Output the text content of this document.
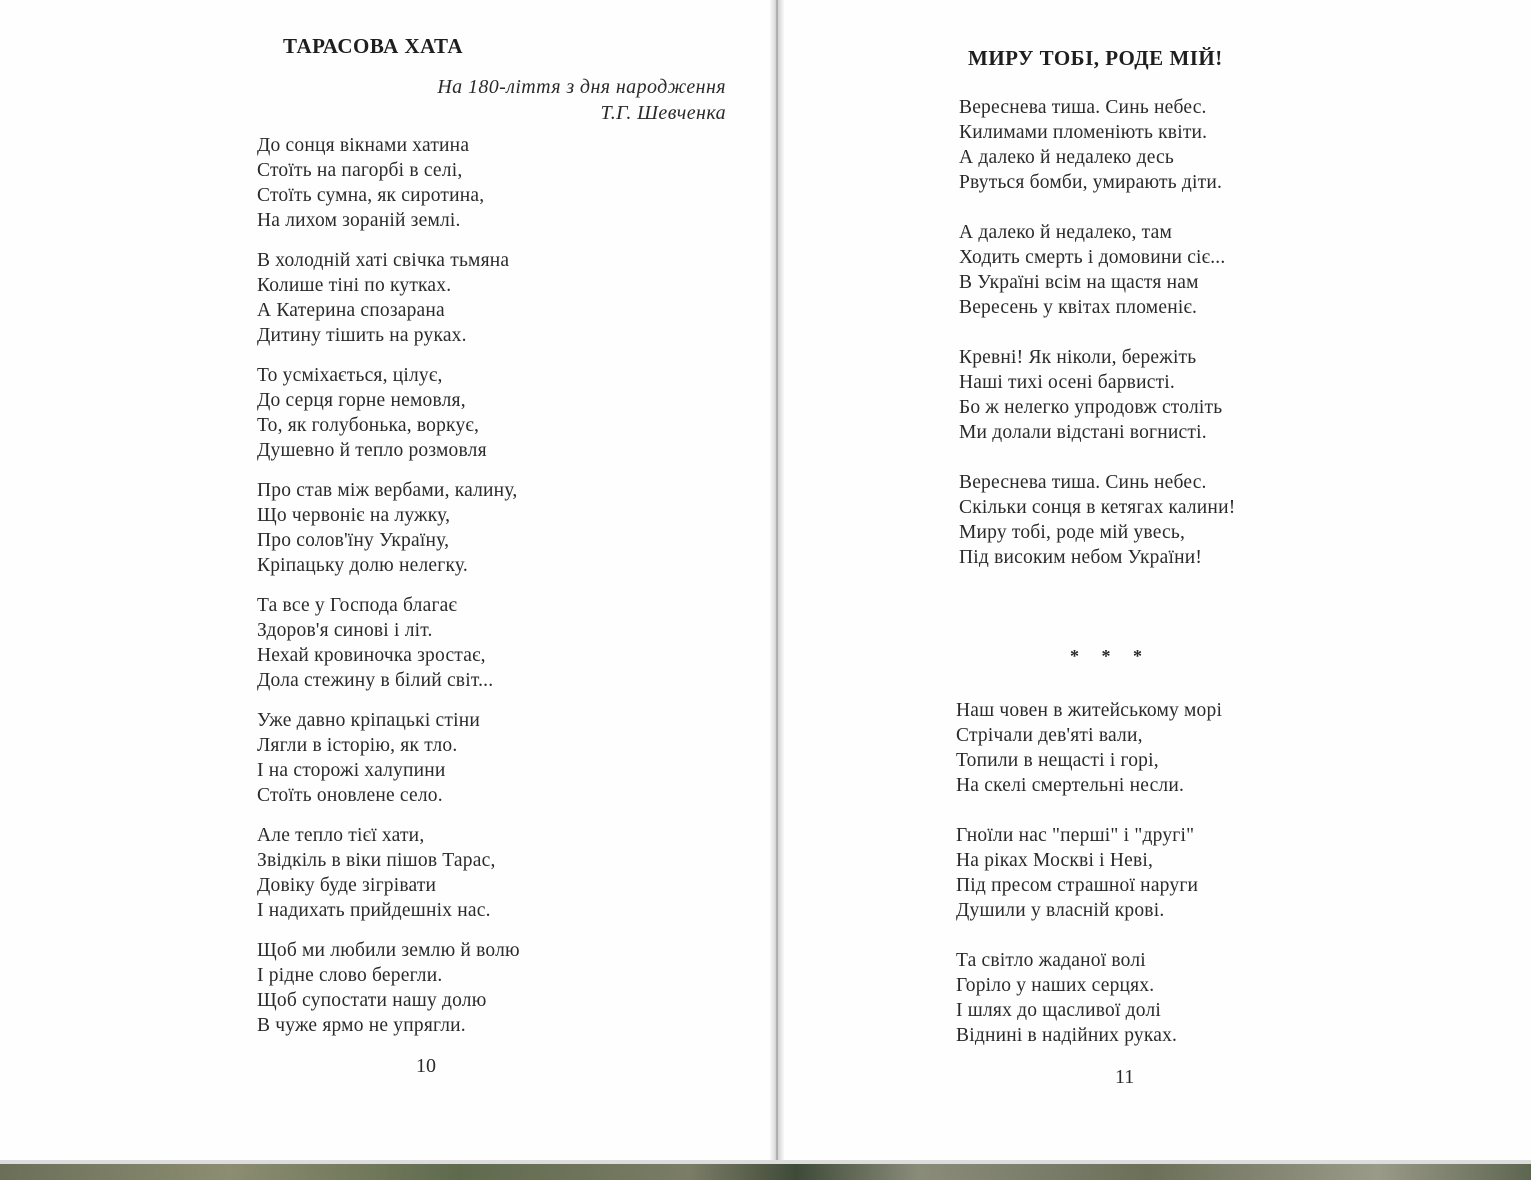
ТАРАСОВА ХАТА
На 180-ліття з дня народження
Т.Г. Шевченка
До сонця вікнами хатина
Стоїть на пагорбі в селі,
Стоїть сумна, як сиротина,
На лихом зораній землі.
В холодній хаті свічка тьмяна
Колише тіні по кутках.
А Катерина спозарана
Дитину тішить на руках.
То усміхається, цілує,
До серця горне немовля,
То, як голубонька, воркує,
Душевно й тепло розмовля
Про став між вербами, калину,
Що червоніє на лужку,
Про солов'їну Україну,
Кріпацьку долю нелегку.
Та все у Господа благає
Здоров'я синові і літ.
Нехай кровиночка зростає,
Дола стежину в білий світ...
Уже давно кріпацькі стіни
Лягли в історію, як тло.
І на сторожі халупини
Стоїть оновлене село.
Але тепло тієї хати,
Звідкіль в віки пішов Тарас,
Довіку буде зігрівати
І надихать прийдешніх нас.
Щоб ми любили землю й волю
І рідне слово берегли.
Щоб супостати нашу долю
В чуже ярмо не упрягли.
10
МИРУ ТОБІ, РОДЕ МІЙ!
Веpеснева тиша. Синь небес.
Килимами пломеніють квіти.
А далеко й недалеко десь
Рвуться бомби, умирають діти.
А далеко й недалеко, там
Ходить смерть і домовини сіє...
В Україні всім на щастя нам
Вересень у квітах пломеніє.
Кревні! Як ніколи, бережіть
Наші тихі осені барвисті.
Бо ж нелегко упродовж століть
Ми долали відстані вогнисті.
Вереснева тиша. Синь небес.
Скільки сонця в кетягах калини!
Миру тобі, роде мій увесь,
Під високим небом України!
* * *
Наш човен в житейському морі
Стрічали дев'яті вали,
Топили в нещасті і горі,
На скелі смертельні несли.
Гноїли нас "перші" і "другі"
На ріках Москві і Неві,
Під пресом страшної наруги
Душили у власній крові.
Та світло жаданої волі
Горіло у наших серцях.
І шлях до щасливої долі
Віднині в надійних руках.
11
